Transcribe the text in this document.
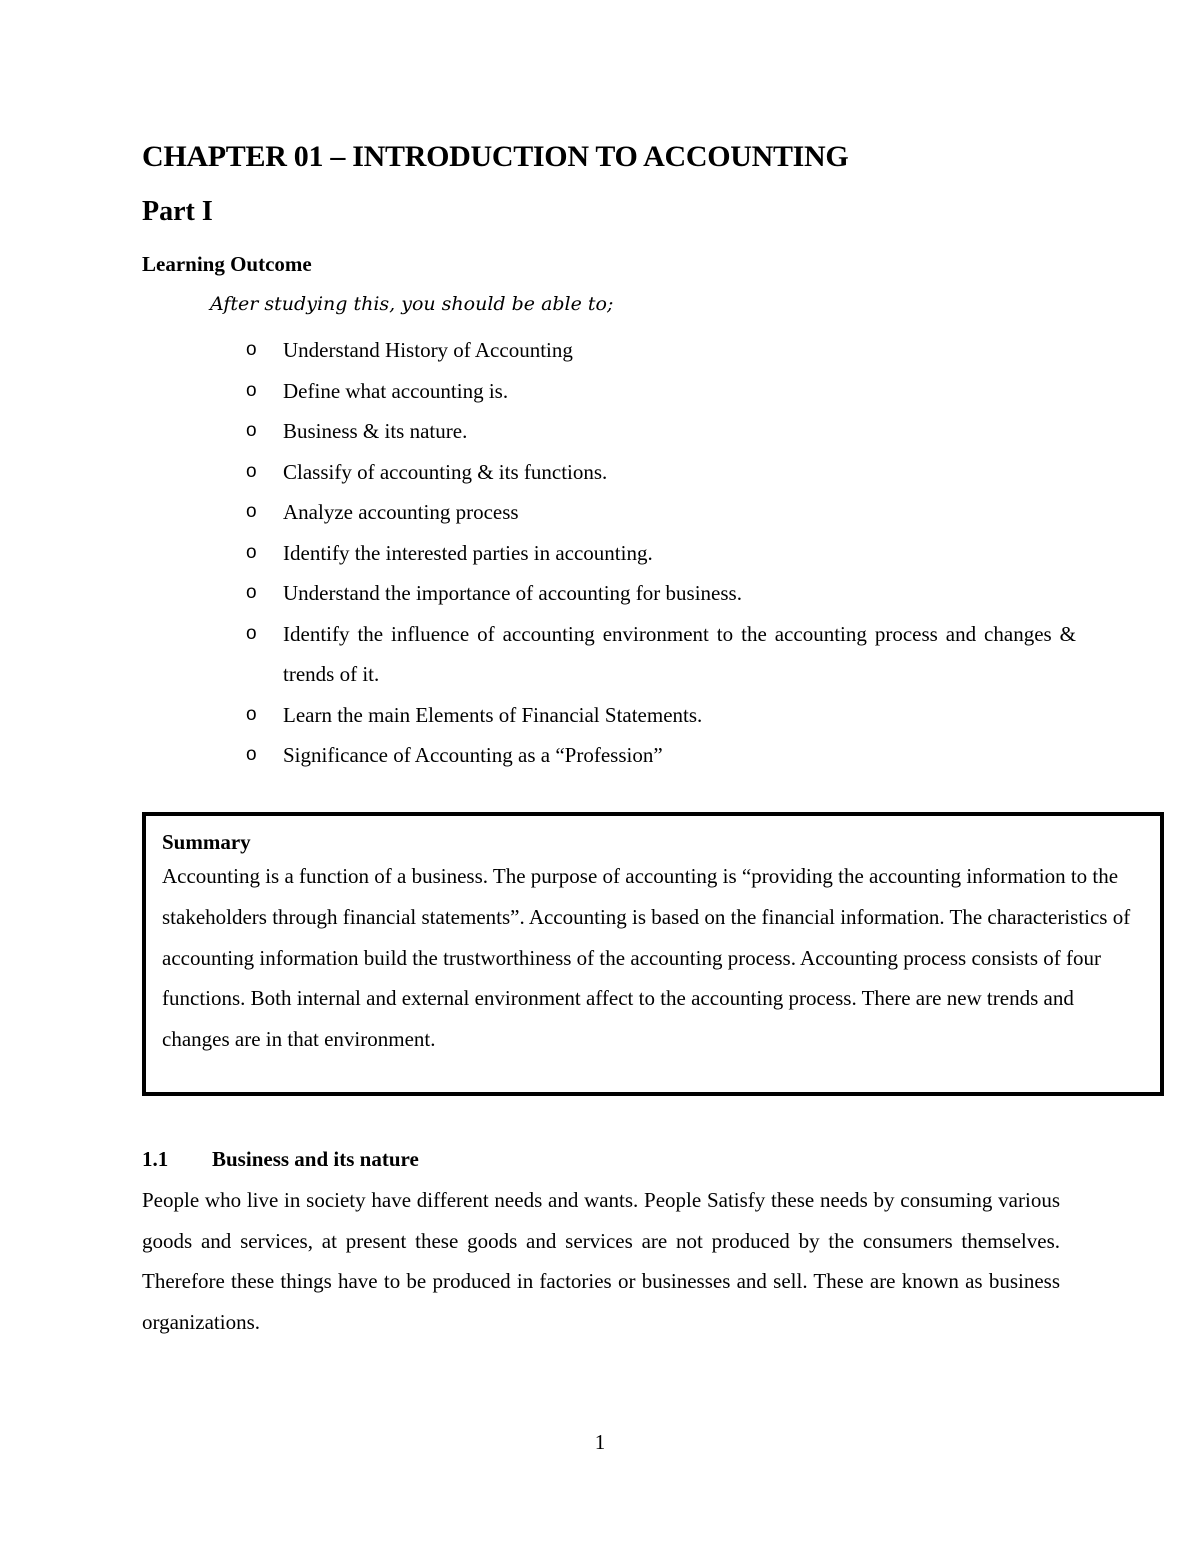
CHAPTER 01 – INTRODUCTION TO ACCOUNTING
Part I
Learning Outcome
After studying this, you should be able to;
o Understand History of Accounting
o Define what accounting is.
o Business & its nature.
o Classify of accounting & its functions.
o Analyze accounting process
o Identify the interested parties in accounting.
o Understand the importance of accounting for business.
o Identify the influence of accounting environment to the accounting process and changes & trends of it.
o Learn the main Elements of Financial Statements.
o Significance of Accounting as a “Profession”
Summary
Accounting is a function of a business. The purpose of accounting is “providing the accounting information to the stakeholders through financial statements”. Accounting is based on the financial information. The characteristics of accounting information build the trustworthiness of the accounting process. Accounting process consists of four functions. Both internal and external environment affect to the accounting process. There are new trends and changes are in that environment.
1.1 Business and its nature
People who live in society have different needs and wants. People Satisfy these needs by consuming various goods and services, at present these goods and services are not produced by the consumers themselves. Therefore these things have to be produced in factories or businesses and sell. These are known as business organizations.
1
